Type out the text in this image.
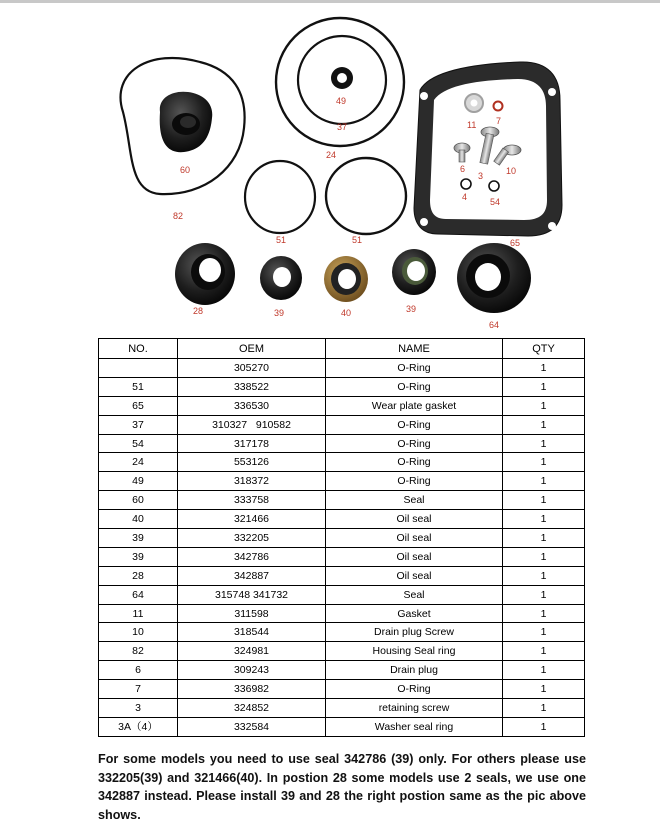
49
37
24
60
82
11 7
6
3	10
4	54
65
51	51
28	39	40	39
64
NO.	OEM	NAME	QTY
	305270	O-Ring	1
51	338522	O-Ring	1
65	336530	Wear plate gasket	1
37	310327   910582	O-Ring	1
54	317178	O-Ring	1
24	553126	O-Ring	1
49	318372	O-Ring	1
60	333758	Seal	1
40	321466	Oil seal	1
39	332205	Oil seal	1
39	342786	Oil seal	1
28	342887	Oil seal	1
64	315748 341732	Seal	1
11	311598	Gasket	1
10	318544	Drain plug Screw	1
82	324981	Housing Seal ring	1
6	309243	Drain plug	1
7	336982	O-Ring	1
3	324852	retaining screw	1
3A（4）	332584	Washer seal ring	1

For some models you need to use seal 342786 (39) only. For others please use 332205(39) and 321466(40). In postion 28 some models use 2 seals, we use one 342887 instead. Please install 39 and 28 the right postion same as the pic above shows.
